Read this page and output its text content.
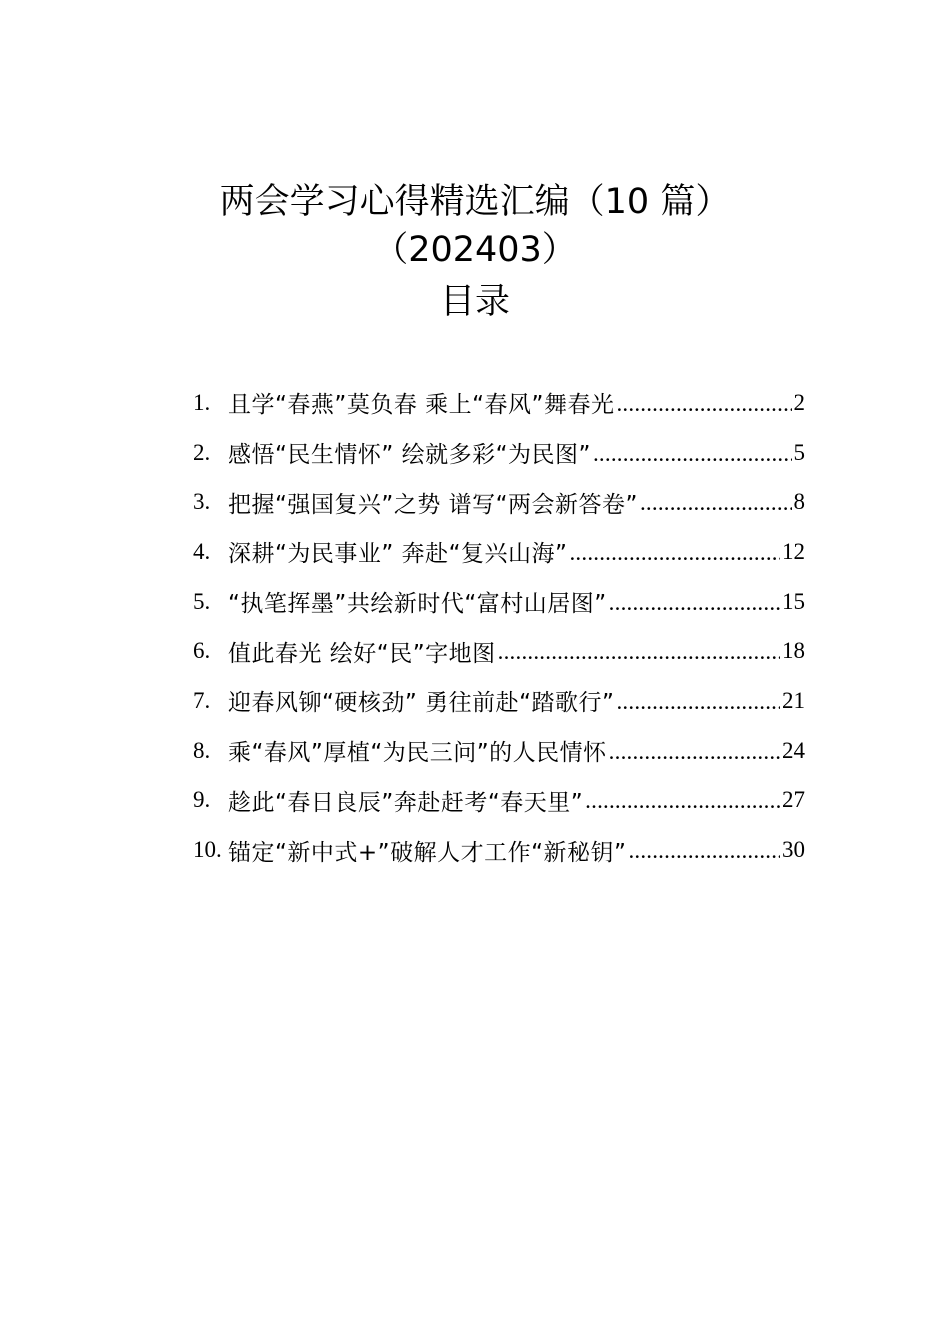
两会学习心得精选汇编（10 篇）
（202403）
目录
1. 且学“春燕”莫负春 乘上“春风”舞春光 .....	2
2. 感悟“民生情怀” 绘就多彩“为民图” .....	5
3. 把握“强国复兴”之势 谱写“两会新答卷” .....	8
4. 深耕“为民事业” 奔赴“复兴山海” .....	12
5. “执笔挥墨”共绘新时代“富村山居图” .....	15
6. 值此春光 绘好“民”字地图 .....	18
7. 迎春风铆“硬核劲” 勇往前赴“踏歌行” .....	21
8. 乘“春风”厚植“为民三问”的人民情怀 .....	24
9. 趁此“春日良辰”奔赴赶考“春天里” .....	27
10. 锚定“新中式+”破解人才工作“新秘钥” .....	30
